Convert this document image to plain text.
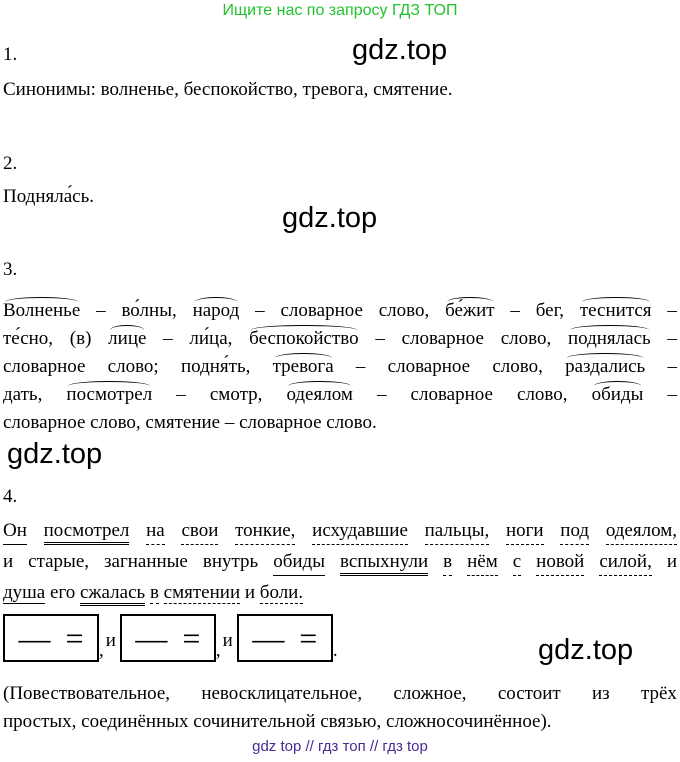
Ищите нас по запросу ГДЗ ТОП
gdz.top
gdz.top
gdz.top
gdz.top
1.
Синонимы: волненье, беспокойство, тревога, смятение.
2.
Подняла́сь.
3.
Волненье – во́лны, народ – словарное слово, бе́жит – бег, теснится –
те́сно, (в) лице – ли́ца, беспокойство – словарное слово, поднялась –
словарное слово; подня́ть, тревога – словарное слово, раздались –
дать, посмотрел – смотр, одеялом – словарное слово, обиды –
словарное слово, смятение – словарное слово.
4.
Он посмотрел на свои тонкие, исхудавшие пальцы, ноги под одеялом,
и старые, загнанные внутрь обиды вспыхнули в нём с новой силой, и
душа его сжалась в смятении и боли.
— = , и — = , и — = .
(Повествовательное, невосклицательное, сложное, состоит из трёх
простых, соединённых сочинительной связью, сложносочинённое).
gdz top // гдз топ // гдз top
